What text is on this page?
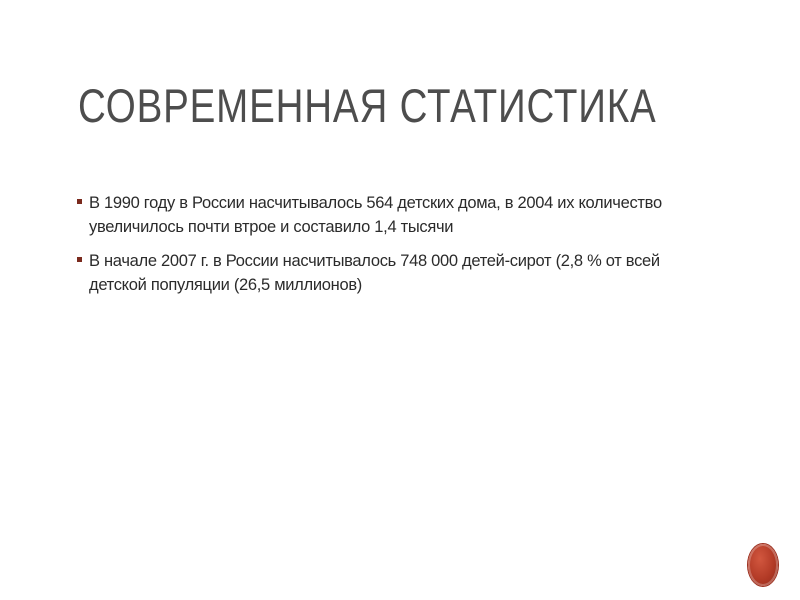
СОВРЕМЕННАЯ СТАТИСТИКА
В 1990 году в России насчитывалось 564 детских дома, в 2004 их количество увеличилось почти втрое и составило 1,4 тысячи
В начале 2007 г. в России насчитывалось 748 000 детей-сирот (2,8 % от всей детской популяции (26,5 миллионов)
